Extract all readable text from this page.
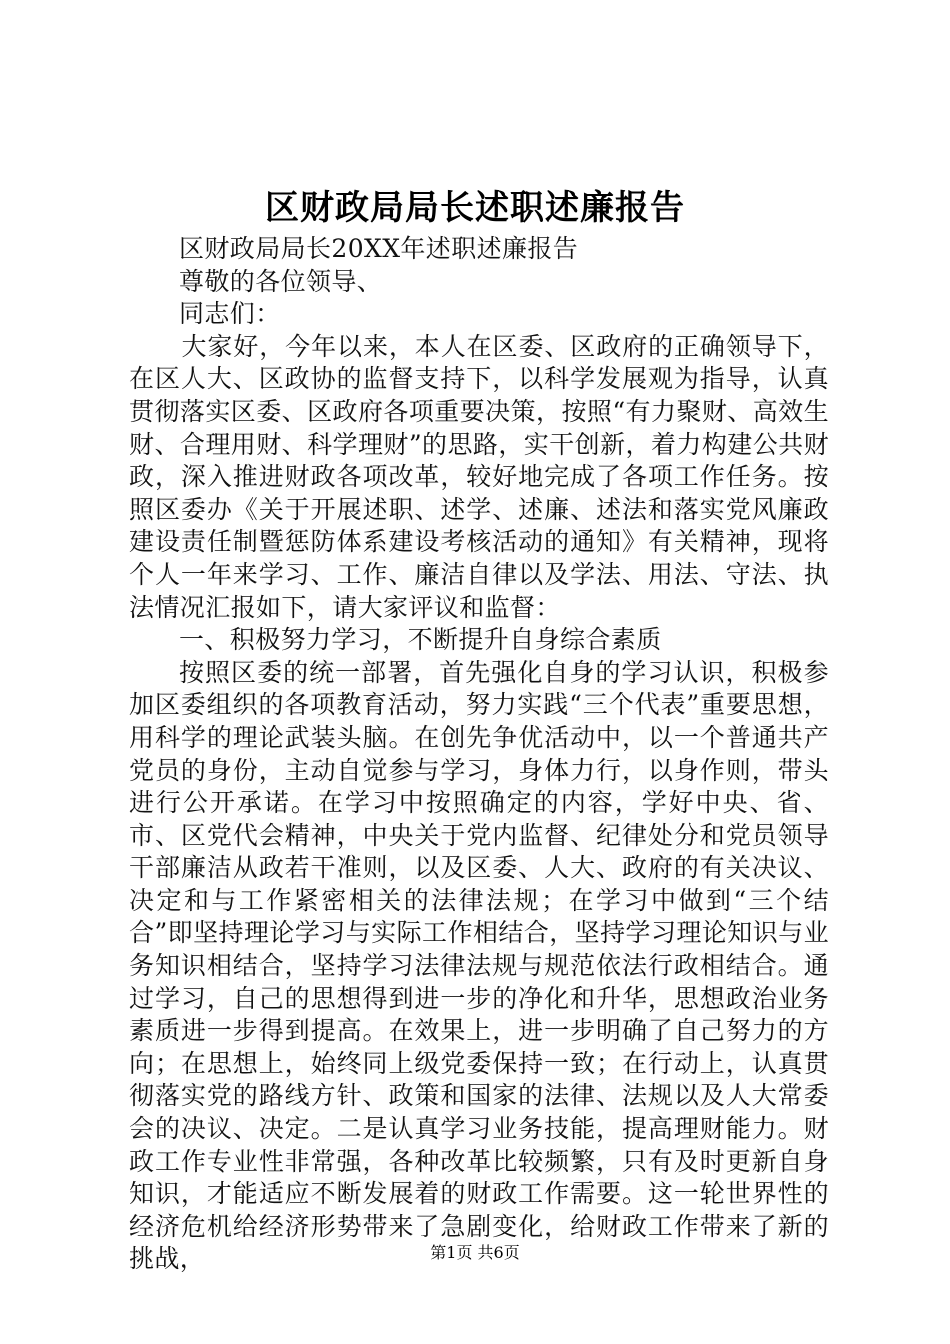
区财政局局长述职述廉报告

区财政局局长20XX年述职述廉报告

尊敬的各位领导、

同志们：

大家好，今年以来，本人在区委、区政府的正确领导下，在区人大、区政协的监督支持下，以科学发展观为指导，认真贯彻落实区委、区政府各项重要决策，按照“有力聚财、高效生财、合理用财、科学理财”的思路，实干创新，着力构建公共财政，深入推进财政各项改革，较好地完成了各项工作任务。按照区委办《关于开展述职、述学、述廉、述法和落实党风廉政建设责任制暨惩防体系建设考核活动的通知》有关精神，现将个人一年来学习、工作、廉洁自律以及学法、用法、守法、执法情况汇报如下，请大家评议和监督：

一、积极努力学习，不断提升自身综合素质

按照区委的统一部署，首先强化自身的学习认识，积极参加区委组织的各项教育活动，努力实践“三个代表”重要思想，用科学的理论武装头脑。在创先争优活动中，以一个普通共产党员的身份，主动自觉参与学习，身体力行，以身作则，带头进行公开承诺。在学习中按照确定的内容，学好中央、省、市、区党代会精神，中央关于党内监督、纪律处分和党员领导干部廉洁从政若干准则，以及区委、人大、政府的有关决议、决定和与工作紧密相关的法律法规；在学习中做到“三个结合”即坚持理论学习与实际工作相结合，坚持学习理论知识与业务知识相结合，坚持学习法律法规与规范依法行政相结合。通过学习，自己的思想得到进一步的净化和升华，思想政治业务素质进一步得到提高。在效果上，进一步明确了自己努力的方向；在思想上，始终同上级党委保持一致；在行动上，认真贯彻落实党的路线方针、政策和国家的法律、法规以及人大常委会的决议、决定。二是认真学习业务技能，提高理财能力。财政工作专业性非常强，各种改革比较频繁，只有及时更新自身知识，才能适应不断发展着的财政工作需要。这一轮世界性的经济危机给经济形势带来了急剧变化，给财政工作带来了新的挑战，	第1页 共6页
